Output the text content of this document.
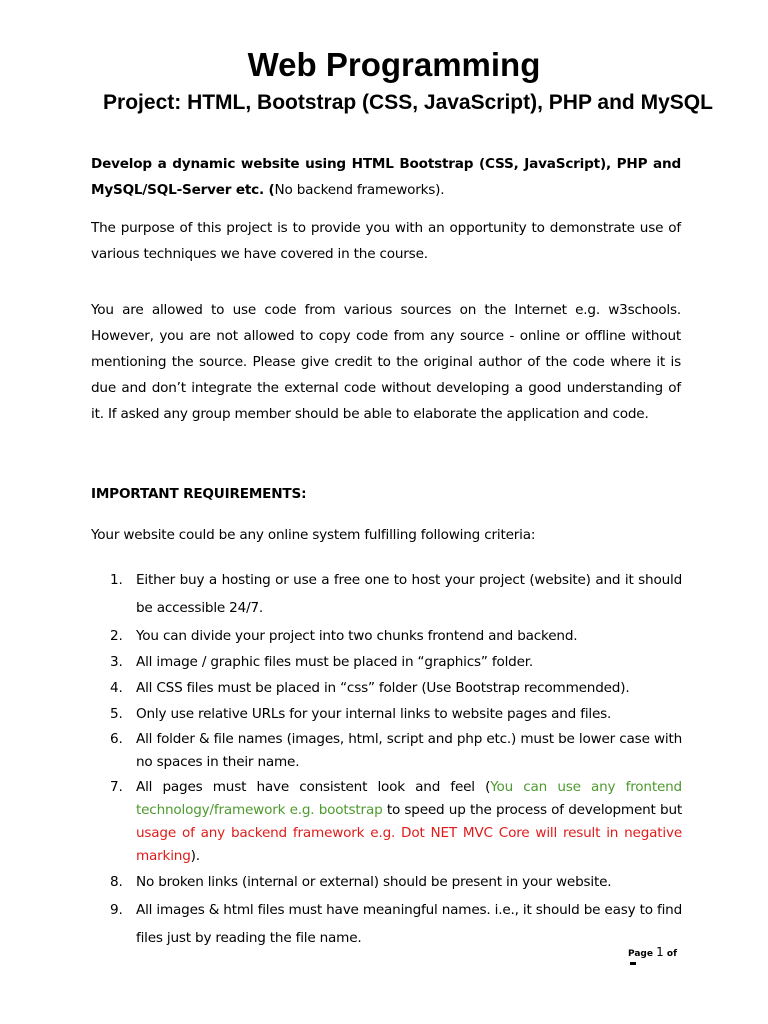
Web Programming
Project: HTML, Bootstrap (CSS, JavaScript), PHP and MySQL

Develop a dynamic website using HTML Bootstrap (CSS, JavaScript), PHP and MySQL/SQL-Server etc. (No backend frameworks).

The purpose of this project is to provide you with an opportunity to demonstrate use of various techniques we have covered in the course.

You are allowed to use code from various sources on the Internet e.g. w3schools. However, you are not allowed to copy code from any source - online or offline without mentioning the source. Please give credit to the original author of the code where it is due and don’t integrate the external code without developing a good understanding of it. If asked any group member should be able to elaborate the application and code.

IMPORTANT REQUIREMENTS:

Your website could be any online system fulfilling following criteria:

1. Either buy a hosting or use a free one to host your project (website) and it should be accessible 24/7.
2. You can divide your project into two chunks frontend and backend.
3. All image / graphic files must be placed in “graphics” folder.
4. All CSS files must be placed in “css” folder (Use Bootstrap recommended).
5. Only use relative URLs for your internal links to website pages and files.
6. All folder & file names (images, html, script and php etc.) must be lower case with no spaces in their name.
7. All pages must have consistent look and feel (You can use any frontend technology/framework e.g. bootstrap to speed up the process of development but usage of any backend framework e.g. Dot NET MVC Core will result in negative marking).
8. No broken links (internal or external) should be present in your website.
9. All images & html files must have meaningful names. i.e., it should be easy to find files just by reading the file name.
Page 1 of
